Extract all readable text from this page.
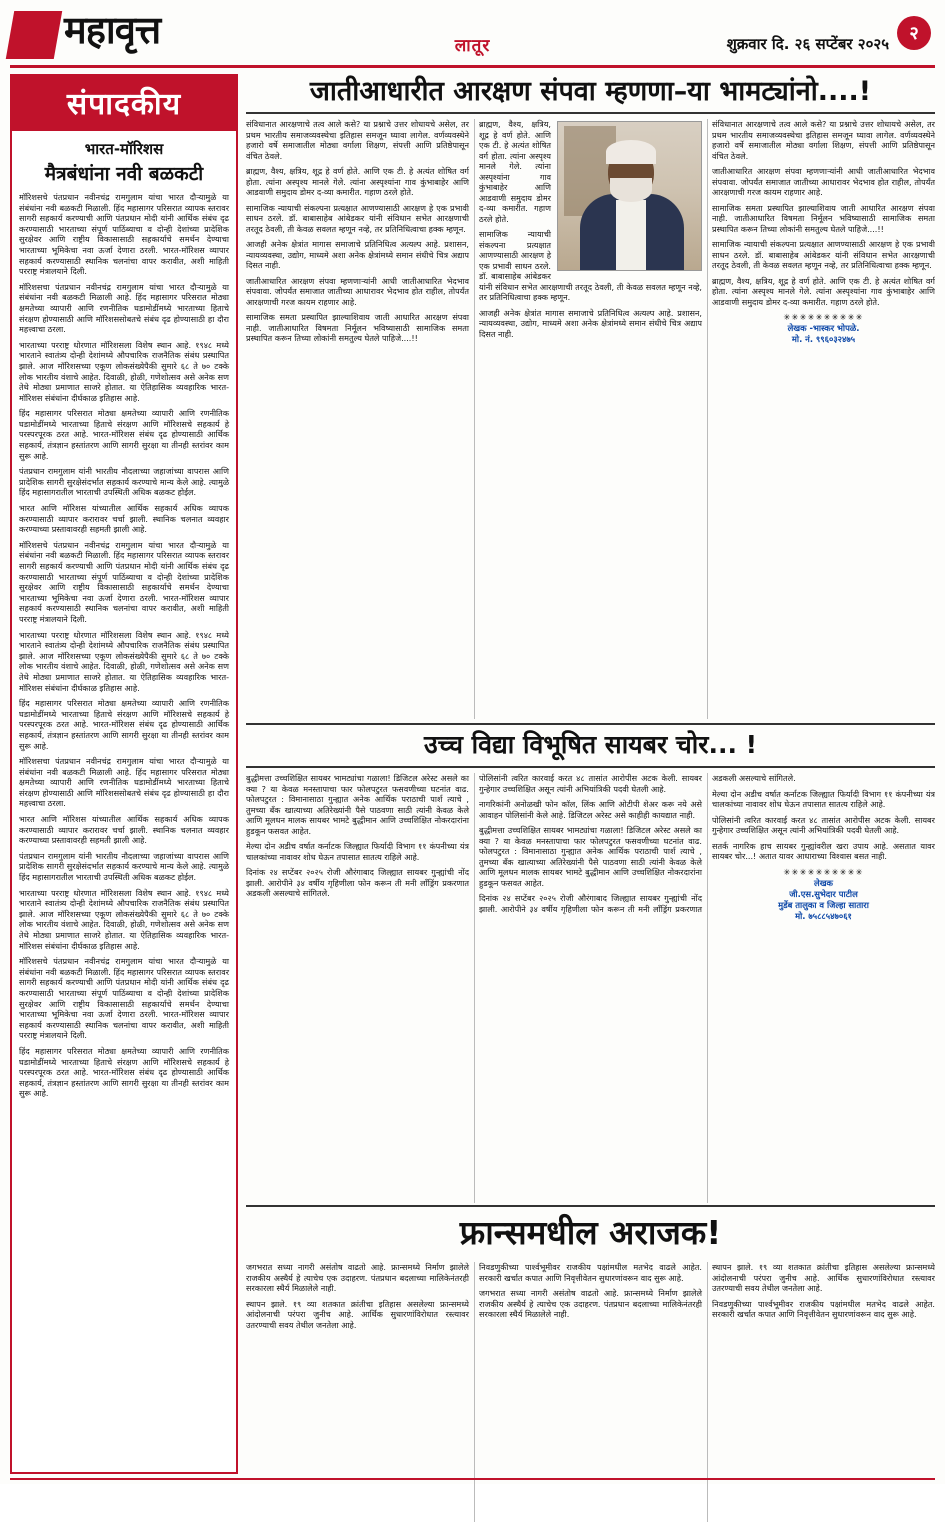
महावृत्त	लातूर	शुक्रवार दि. २६ सप्टेंबर २०२५	२
संपादकीय
भारत-मॉरिशस
मैत्रबंधांना नवी बळकटी

मॉरिशसचे पंतप्रधान नवीनचंद्र रामगुलाम यांचा भारत दौऱ्यामुळे या संबंधांना नवी बळकटी मिळाली. हिंद महासागर परिसरात व्यापक स्तरावर सागरी सहकार्य करण्याची आणि पंतप्रधान मोदी यांनी आर्थिक संबंध दृढ करण्यासाठी भारताच्या संपूर्ण पाठिंब्याचा व दोन्ही देशांच्या प्रादेशिक सुरक्षेवर आणि राष्ट्रीय विकासासाठी सहकार्याचे समर्थन देण्याचा भारताच्या भूमिकेचा नवा ऊर्जा देणारा ठरली. भारत-मॉरिशस व्यापार सहकार्य करण्यासाठी स्थानिक चलनांचा वापर करावीत, अशी माहिती परराष्ट्र मंत्रालयाने दिली.

मॉरिशसचा पंतप्रधान नवीनचंद्र रामगुलाम यांचा भारत दौऱ्यामुळे या संबंधांना नवी बळकटी मिळाली आहे. हिंद महासागर परिसरात मोठ्या क्षमतेच्या व्यापारी आणि रणनीतिक घडामोडींमध्ये भारताच्या हिताचे संरक्षण होण्यासाठी आणि मॉरिशससोबतचे संबंध दृढ होण्यासाठी हा दौरा महत्त्वाचा ठरला.

भारताच्या परराष्ट्र धोरणात मॉरिशसला विशेष स्थान आहे. १९४८ मध्ये भारताने स्वातंत्र्य दोन्ही देशांमध्ये औपचारिक राजनैतिक संबंध प्रस्थापित झाले. आज मॉरिशसच्या एकूण लोकसंख्येपैकी सुमारे ६८ ते ७० टक्के लोक भारतीय वंशाचे आहेत. दिवाळी, होळी, गणेशोत्सव असे अनेक सण तेथे मोठ्या प्रमाणात साजरे होतात. या ऐतिहासिक व्यवहारिक भारत-मॉरिशस संबंधांना दीर्घकाळ इतिहास आहे.

हिंद महासागर परिसरात मोठ्या क्षमतेच्या व्यापारी आणि रणनीतिक घडामोडींमध्ये भारताच्या हिताचे संरक्षण आणि मॉरिशसचे सहकार्य हे परस्परपूरक ठरत आहे. भारत-मॉरिशस संबंध दृढ होण्यासाठी आर्थिक सहकार्य, तंत्रज्ञान हस्तांतरण आणि सागरी सुरक्षा या तीनही स्तरांवर काम सुरू आहे.

पंतप्रधान रामगुलाम यांनी भारतीय नौदलाच्या जहाजांच्या वापरास आणि प्रादेशिक सागरी सुरक्षेसंदर्भात सहकार्य करण्याचे मान्य केले आहे. त्यामुळे हिंद महासागरातील भारताची उपस्थिती अधिक बळकट होईल.

भारत आणि मॉरिशस यांच्यातील आर्थिक सहकार्य अधिक व्यापक करण्यासाठी व्यापार करारावर चर्चा झाली. स्थानिक चलनात व्यवहार करण्याच्या प्रस्तावावरही सहमती झाली आहे.

मॉरिशसचे पंतप्रधान नवीनचंद्र रामगुलाम यांचा भारत दौऱ्यामुळे या संबंधांना नवी बळकटी मिळाली. हिंद महासागर परिसरात व्यापक स्तरावर सागरी सहकार्य करण्याची आणि पंतप्रधान मोदी यांनी आर्थिक संबंध दृढ करण्यासाठी भारताच्या संपूर्ण पाठिंब्याचा व दोन्ही देशांच्या प्रादेशिक सुरक्षेवर आणि राष्ट्रीय विकासासाठी सहकार्याचे समर्थन देण्याचा भारताच्या भूमिकेचा नवा ऊर्जा देणारा ठरली. भारत-मॉरिशस व्यापार सहकार्य करण्यासाठी स्थानिक चलनांचा वापर करावीत, अशी माहिती परराष्ट्र मंत्रालयाने दिली.

भारताच्या परराष्ट्र धोरणात मॉरिशसला विशेष स्थान आहे. १९४८ मध्ये भारताने स्वातंत्र्य दोन्ही देशांमध्ये औपचारिक राजनैतिक संबंध प्रस्थापित झाले. आज मॉरिशसच्या एकूण लोकसंख्येपैकी सुमारे ६८ ते ७० टक्के लोक भारतीय वंशाचे आहेत. दिवाळी, होळी, गणेशोत्सव असे अनेक सण तेथे मोठ्या प्रमाणात साजरे होतात. या ऐतिहासिक व्यवहारिक भारत-मॉरिशस संबंधांना दीर्घकाळ इतिहास आहे.

हिंद महासागर परिसरात मोठ्या क्षमतेच्या व्यापारी आणि रणनीतिक घडामोडींमध्ये भारताच्या हिताचे संरक्षण आणि मॉरिशसचे सहकार्य हे परस्परपूरक ठरत आहे. भारत-मॉरिशस संबंध दृढ होण्यासाठी आर्थिक सहकार्य, तंत्रज्ञान हस्तांतरण आणि सागरी सुरक्षा या तीनही स्तरांवर काम सुरू आहे.

मॉरिशसचा पंतप्रधान नवीनचंद्र रामगुलाम यांचा भारत दौऱ्यामुळे या संबंधांना नवी बळकटी मिळाली आहे. हिंद महासागर परिसरात मोठ्या क्षमतेच्या व्यापारी आणि रणनीतिक घडामोडींमध्ये भारताच्या हिताचे संरक्षण होण्यासाठी आणि मॉरिशससोबतचे संबंध दृढ होण्यासाठी हा दौरा महत्त्वाचा ठरला.

भारत आणि मॉरिशस यांच्यातील आर्थिक सहकार्य अधिक व्यापक करण्यासाठी व्यापार करारावर चर्चा झाली. स्थानिक चलनात व्यवहार करण्याच्या प्रस्तावावरही सहमती झाली आहे.

पंतप्रधान रामगुलाम यांनी भारतीय नौदलाच्या जहाजांच्या वापरास आणि प्रादेशिक सागरी सुरक्षेसंदर्भात सहकार्य करण्याचे मान्य केले आहे. त्यामुळे हिंद महासागरातील भारताची उपस्थिती अधिक बळकट होईल.

भारताच्या परराष्ट्र धोरणात मॉरिशसला विशेष स्थान आहे. १९४८ मध्ये भारताने स्वातंत्र्य दोन्ही देशांमध्ये औपचारिक राजनैतिक संबंध प्रस्थापित झाले. आज मॉरिशसच्या एकूण लोकसंख्येपैकी सुमारे ६८ ते ७० टक्के लोक भारतीय वंशाचे आहेत. दिवाळी, होळी, गणेशोत्सव असे अनेक सण तेथे मोठ्या प्रमाणात साजरे होतात. या ऐतिहासिक व्यवहारिक भारत-मॉरिशस संबंधांना दीर्घकाळ इतिहास आहे.

मॉरिशसचे पंतप्रधान नवीनचंद्र रामगुलाम यांचा भारत दौऱ्यामुळे या संबंधांना नवी बळकटी मिळाली. हिंद महासागर परिसरात व्यापक स्तरावर सागरी सहकार्य करण्याची आणि पंतप्रधान मोदी यांनी आर्थिक संबंध दृढ करण्यासाठी भारताच्या संपूर्ण पाठिंब्याचा व दोन्ही देशांच्या प्रादेशिक सुरक्षेवर आणि राष्ट्रीय विकासासाठी सहकार्याचे समर्थन देण्याचा भारताच्या भूमिकेचा नवा ऊर्जा देणारा ठरली. भारत-मॉरिशस व्यापार सहकार्य करण्यासाठी स्थानिक चलनांचा वापर करावीत, अशी माहिती परराष्ट्र मंत्रालयाने दिली.

हिंद महासागर परिसरात मोठ्या क्षमतेच्या व्यापारी आणि रणनीतिक घडामोडींमध्ये भारताच्या हिताचे संरक्षण आणि मॉरिशसचे सहकार्य हे परस्परपूरक ठरत आहे. भारत-मॉरिशस संबंध दृढ होण्यासाठी आर्थिक सहकार्य, तंत्रज्ञान हस्तांतरण आणि सागरी सुरक्षा या तीनही स्तरांवर काम सुरू आहे.

जातीआधारीत आरक्षण संपवा म्हणणा–या भामट्यांनो....!

संविधानात आरक्षणाचे तत्व आले कसे? या प्रश्नाचे उत्तर शोधायचे असेल, तर प्रथम भारतीय समाजव्यवस्थेचा इतिहास समजून घ्यावा लागेल. वर्णव्यवस्थेने हजारो वर्षे समाजातील मोठ्या वर्गाला शिक्षण, संपत्ती आणि प्रतिष्ठेपासून वंचित ठेवले.

ब्राह्मण, वैश्य, क्षत्रिय, शूद्र हे वर्ण होते. आणि एक टी. हे अत्यंत शोषित वर्ग होता. त्यांना अस्पृश्य मानले गेले. त्यांना अस्पृश्यांना गाव कुंभाबाहेर आणि आडवाणी समुदाय डोमर द-व्या कमारीत. गहाण ठरले होते.

सामाजिक न्यायाची संकल्पना प्रत्यक्षात आणण्यासाठी आरक्षण हे एक प्रभावी साधन ठरले. डॉ. बाबासाहेब आंबेडकर यांनी संविधान सभेत आरक्षणाची तरतूद ठेवली, ती केवळ सवलत म्हणून नव्हे, तर प्रतिनिधित्वाचा हक्क म्हणून.

आजही अनेक क्षेत्रांत मागास समाजाचे प्रतिनिधित्व अत्यल्प आहे. प्रशासन, न्यायव्यवस्था, उद्योग, माध्यमे अशा अनेक क्षेत्रांमध्ये समान संधीचे चित्र अद्याप दिसत नाही.

जातीआधारित आरक्षण संपवा म्हणणाऱ्यांनी आधी जातीआधारित भेदभाव संपवावा. जोपर्यंत समाजात जातीच्या आधारावर भेदभाव होत राहील, तोपर्यंत आरक्षणाची गरज कायम राहणार आहे.

सामाजिक समता प्रस्थापित झाल्याशिवाय जाती आधारित आरक्षण संपवा नाही. जातीआधारित विषमता निर्मूलन भविष्यासाठी सामाजिक समता प्रस्थापित करून तिच्या लोकांनी समतुल्य घेतले पाहिजे....!!

ब्राह्मण, वैश्य, क्षत्रिय, शूद्र हे वर्ण होते. आणि एक टी. हे अत्यंत शोषित वर्ग होता. त्यांना अस्पृश्य मानले गेले. त्यांना अस्पृश्यांना गाव कुंभाबाहेर आणि आडवाणी समुदाय डोमर द-व्या कमारीत. गहाण ठरले होते.

सामाजिक न्यायाची संकल्पना प्रत्यक्षात आणण्यासाठी आरक्षण हे एक प्रभावी साधन ठरले. डॉ. बाबासाहेब आंबेडकर यांनी संविधान सभेत आरक्षणाची तरतूद ठेवली, ती केवळ सवलत म्हणून नव्हे, तर प्रतिनिधित्वाचा हक्क म्हणून.

आजही अनेक क्षेत्रांत मागास समाजाचे प्रतिनिधित्व अत्यल्प आहे. प्रशासन, न्यायव्यवस्था, उद्योग, माध्यमे अशा अनेक क्षेत्रांमध्ये समान संधीचे चित्र अद्याप दिसत नाही.

संविधानात आरक्षणाचे तत्व आले कसे? या प्रश्नाचे उत्तर शोधायचे असेल, तर प्रथम भारतीय समाजव्यवस्थेचा इतिहास समजून घ्यावा लागेल. वर्णव्यवस्थेने हजारो वर्षे समाजातील मोठ्या वर्गाला शिक्षण, संपत्ती आणि प्रतिष्ठेपासून वंचित ठेवले.

जातीआधारित आरक्षण संपवा म्हणणाऱ्यांनी आधी जातीआधारित भेदभाव संपवावा. जोपर्यंत समाजात जातीच्या आधारावर भेदभाव होत राहील, तोपर्यंत आरक्षणाची गरज कायम राहणार आहे.

सामाजिक समता प्रस्थापित झाल्याशिवाय जाती आधारित आरक्षण संपवा नाही. जातीआधारित विषमता निर्मूलन भविष्यासाठी सामाजिक समता प्रस्थापित करून तिच्या लोकांनी समतुल्य घेतले पाहिजे....!!

सामाजिक न्यायाची संकल्पना प्रत्यक्षात आणण्यासाठी आरक्षण हे एक प्रभावी साधन ठरले. डॉ. बाबासाहेब आंबेडकर यांनी संविधान सभेत आरक्षणाची तरतूद ठेवली, ती केवळ सवलत म्हणून नव्हे, तर प्रतिनिधित्वाचा हक्क म्हणून.

ब्राह्मण, वैश्य, क्षत्रिय, शूद्र हे वर्ण होते. आणि एक टी. हे अत्यंत शोषित वर्ग होता. त्यांना अस्पृश्य मानले गेले. त्यांना अस्पृश्यांना गाव कुंभाबाहेर आणि आडवाणी समुदाय डोमर द-व्या कमारीत. गहाण ठरले होते.

✳✳✳✳✳✳✳✳✳✳
लेखक -भास्कर भोपळे.
मो. नं. ९९६०३२४७५
उच्च विद्या विभूषित सायबर चोर... !

बुद्धीमत्ता उच्चशिक्षित सायबर भामट्यांचा गळाला! डिजिटल अरेस्ट असले का क्या ? या केवळ मनस्तापाचा फार फोलपटुरत फसवणीच्या घटनांत वाढ. फोलपटुरत : विमानासाठा गुन्ह्यात अनेक आर्थिक पराठाची पार्श त्याचे , तुमच्या बँक खात्याच्या अतिरेख्यांनी पैसे पाठवणा साठी त्यांनी केवळ केले आणि मूलधन मालक सायबर भामटे बुद्धीमान आणि उच्चशिक्षित नोकरदारांना हुडकून फसवत आहेत.

मेल्या दोन अडीच वर्षात कर्नाटक जिल्ह्यात फिर्यादी विभाग ११ कंपनीच्या यंत्र चालकांच्या नावावर शोध घेऊन तपासात सातत्य राहिले आहे.

दिनांक २४ सप्टेंबर २०२५ रोजी औरंगाबाद जिल्ह्यात सायबर गुन्ह्यांची नोंद झाली. आरोपीने ३४ वर्षीय गृहिणीला फोन करून ती मनी लाँड्रिंग प्रकरणात अडकली असल्याचे सांगितले.

पोलिसांनी त्वरित कारवाई करत ४८ तासांत आरोपीस अटक केली. सायबर गुन्हेगार उच्चशिक्षित असून त्यांनी अभियांत्रिकी पदवी घेतली आहे.

नागरिकांनी अनोळखी फोन कॉल, लिंक आणि ओटीपी शेअर करू नये असे आवाहन पोलिसांनी केले आहे. डिजिटल अरेस्ट असे काहीही कायद्यात नाही.

बुद्धीमत्ता उच्चशिक्षित सायबर भामट्यांचा गळाला! डिजिटल अरेस्ट असले का क्या ? या केवळ मनस्तापाचा फार फोलपटुरत फसवणीच्या घटनांत वाढ. फोलपटुरत : विमानासाठा गुन्ह्यात अनेक आर्थिक पराठाची पार्श त्याचे , तुमच्या बँक खात्याच्या अतिरेख्यांनी पैसे पाठवणा साठी त्यांनी केवळ केले आणि मूलधन मालक सायबर भामटे बुद्धीमान आणि उच्चशिक्षित नोकरदारांना हुडकून फसवत आहेत.

दिनांक २४ सप्टेंबर २०२५ रोजी औरंगाबाद जिल्ह्यात सायबर गुन्ह्यांची नोंद झाली. आरोपीने ३४ वर्षीय गृहिणीला फोन करून ती मनी लाँड्रिंग प्रकरणात अडकली असल्याचे सांगितले.

मेल्या दोन अडीच वर्षात कर्नाटक जिल्ह्यात फिर्यादी विभाग ११ कंपनीच्या यंत्र चालकांच्या नावावर शोध घेऊन तपासात सातत्य राहिले आहे.

पोलिसांनी त्वरित कारवाई करत ४८ तासांत आरोपीस अटक केली. सायबर गुन्हेगार उच्चशिक्षित असून त्यांनी अभियांत्रिकी पदवी घेतली आहे.

सतर्क नागरिक हाच सायबर गुन्ह्यांवरील खरा उपाय आहे. असतात यावर सायबर चोर...! अतात यावर आधाराच्या विश्वास बसत नाही.

✳✳✳✳✳✳✳✳✳✳
लेखक
जी.एस.सुभेदार पाटील
मुर्डेब तालुका व जिल्हा सातारा
मो. ७५८८५४७०६१
फ्रान्समधील अराजक!

जगभरात सध्या नागरी असंतोष वाढतो आहे. फ्रान्समध्ये निर्माण झालेले राजकीय अस्थैर्य हे त्याचेच एक उदाहरण. पंतप्रधान बदलाच्या मालिकेनंतरही सरकारला स्थैर्य मिळालेले नाही.

स्थापन झाले. १९ व्या शतकात क्रांतीचा इतिहास असलेल्या फ्रान्समध्ये आंदोलनाची परंपरा जुनीच आहे. आर्थिक सुधारणांविरोधात रस्त्यावर उतरण्याची सवय तेथील जनतेला आहे.

निवडणुकीच्या पार्श्वभूमीवर राजकीय पक्षांमधील मतभेद वाढले आहेत. सरकारी खर्चात कपात आणि निवृत्तीवेतन सुधारणांवरून वाद सुरू आहे.

जगभरात सध्या नागरी असंतोष वाढतो आहे. फ्रान्समध्ये निर्माण झालेले राजकीय अस्थैर्य हे त्याचेच एक उदाहरण. पंतप्रधान बदलाच्या मालिकेनंतरही सरकारला स्थैर्य मिळालेले नाही.

स्थापन झाले. १९ व्या शतकात क्रांतीचा इतिहास असलेल्या फ्रान्समध्ये आंदोलनाची परंपरा जुनीच आहे. आर्थिक सुधारणांविरोधात रस्त्यावर उतरण्याची सवय तेथील जनतेला आहे.

निवडणुकीच्या पार्श्वभूमीवर राजकीय पक्षांमधील मतभेद वाढले आहेत. सरकारी खर्चात कपात आणि निवृत्तीवेतन सुधारणांवरून वाद सुरू आहे.
